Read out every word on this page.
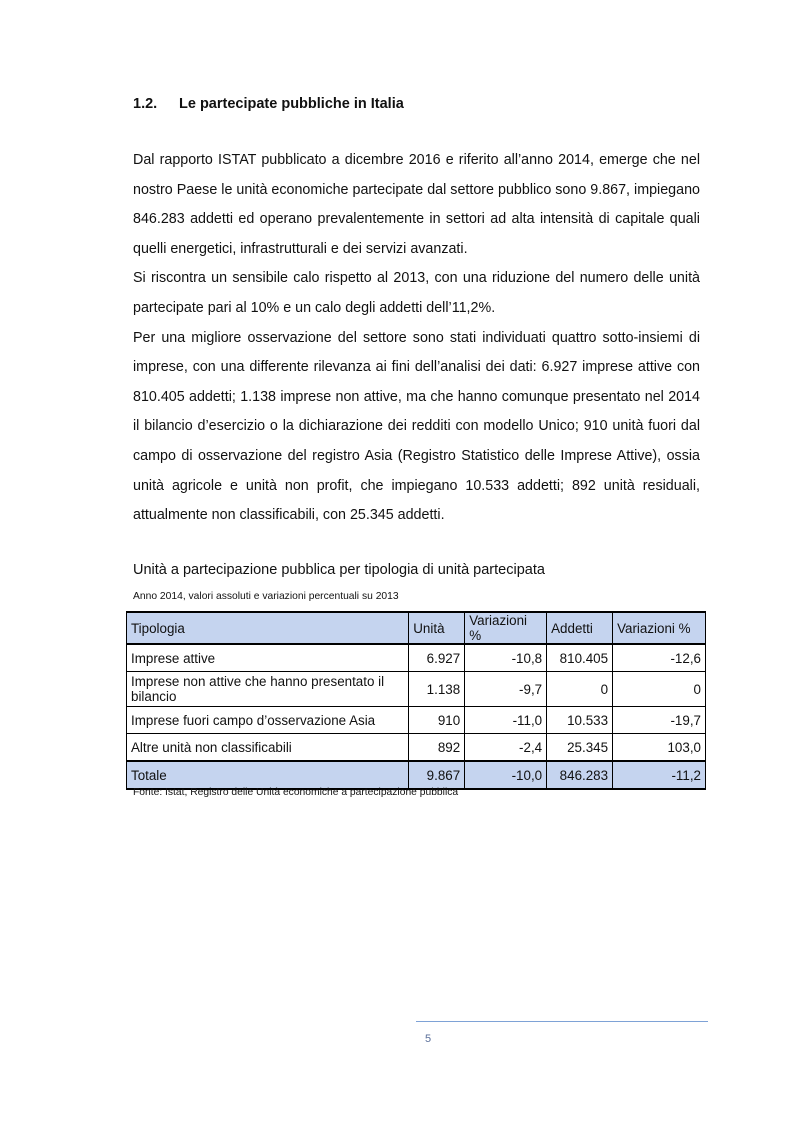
1.2. Le partecipate pubbliche in Italia

Dal rapporto ISTAT pubblicato a dicembre 2016 e riferito all’anno 2014, emerge che nel nostro Paese le unità economiche partecipate dal settore pubblico sono 9.867, impiegano 846.283 addetti ed operano prevalentemente in settori ad alta intensità di capitale quali quelli energetici, infrastrutturali e dei servizi avanzati.

Si riscontra un sensibile calo rispetto al 2013, con una riduzione del numero delle unità partecipate pari al 10% e un calo degli addetti dell’11,2%.

Per una migliore osservazione del settore sono stati individuati quattro sotto-insiemi di imprese, con una differente rilevanza ai fini dell’analisi dei dati: 6.927 imprese attive con 810.405 addetti; 1.138 imprese non attive, ma che hanno comunque presentato nel 2014 il bilancio d’esercizio o la dichiarazione dei redditi con modello Unico; 910 unità fuori dal campo di osservazione del registro Asia (Registro Statistico delle Imprese Attive), ossia unità agricole e unità non profit, che impiegano 10.533 addetti; 892 unità residuali, attualmente non classificabili, con 25.345 addetti.

Unità a partecipazione pubblica per tipologia di unità partecipata
Anno 2014, valori assoluti e variazioni percentuali su 2013
Tipologia	Unità	Variazioni %	Addetti	Variazioni %
Imprese attive	6.927	-10,8	810.405	-12,6
Imprese non attive che hanno presentato il bilancio	1.138	-9,7	0	0
Imprese fuori campo d’osservazione Asia	910	-11,0	10.533	-19,7
Altre unità non classificabili	892	-2,4	25.345	103,0
Totale	9.867	-10,0	846.283	-11,2
Fonte: Istat, Registro delle Unità economiche a partecipazione pubblica
5
